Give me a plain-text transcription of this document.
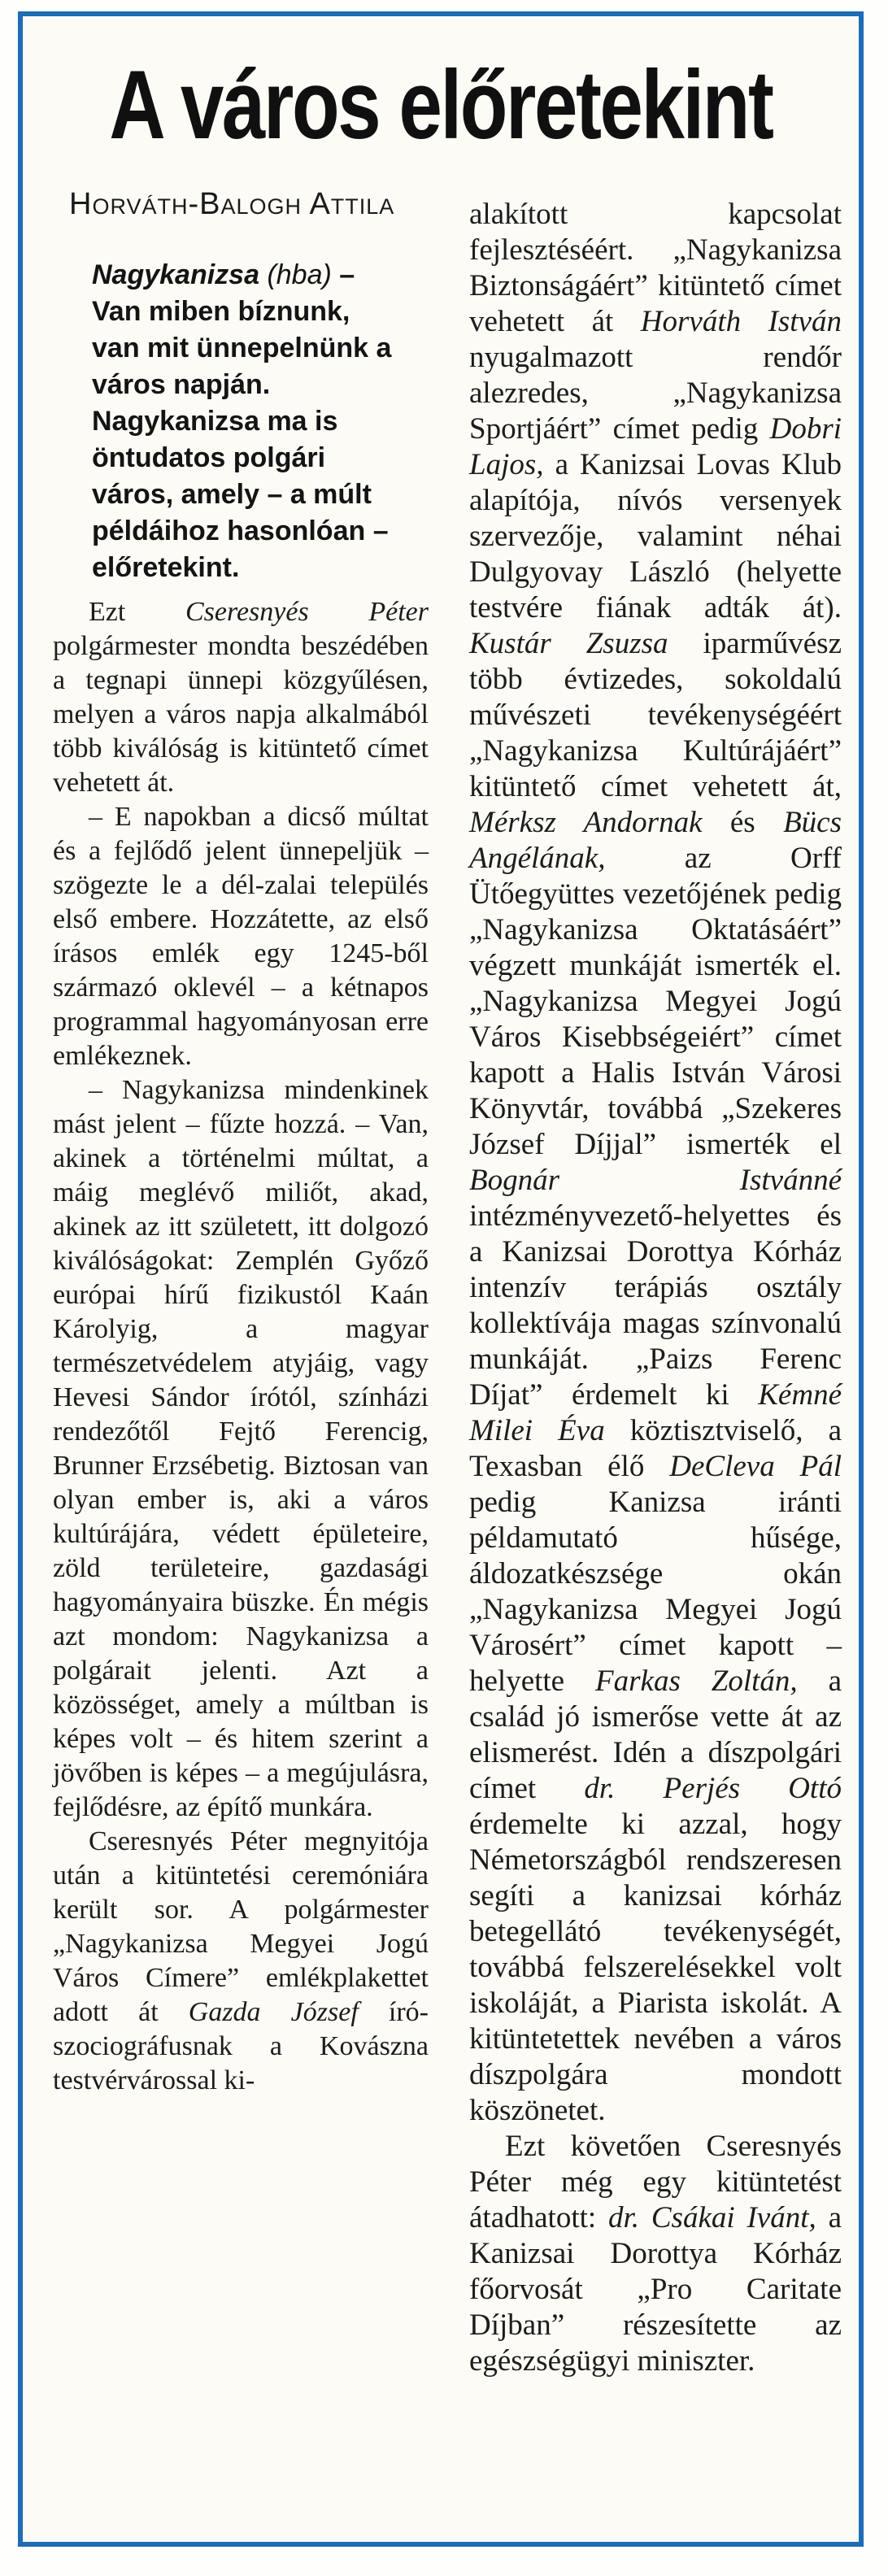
A város előretekint
Horváth-Balogh Attila
Nagykanizsa (hba) – Van miben bíznunk, van mit ünnepelnünk a város napján. Nagykanizsa ma is öntudatos polgári város, amely – a múlt példáihoz hasonlóan – előretekint.

Ezt Cseresnyés Péter polgármester mondta beszédében a tegnapi ünnepi közgyűlésen, melyen a város napja alkalmából több kiválóság is kitüntető címet vehetett át.

– E napokban a dicső múltat és a fejlődő jelent ünnepeljük – szögezte le a dél-zalai település első embere. Hozzátette, az első írásos emlék egy 1245-ből származó oklevél – a kétnapos programmal hagyományosan erre emlékeznek.

– Nagykanizsa mindenkinek mást jelent – fűzte hozzá. – Van, akinek a történelmi múltat, a máig meglévő miliőt, akad, akinek az itt született, itt dolgozó kiválóságokat: Zemplén Győző európai hírű fizikustól Kaán Károlyig, a magyar természetvédelem atyjáig, vagy Hevesi Sándor írótól, színházi rendezőtől Fejtő Ferencig, Brunner Erzsébetig. Biztosan van olyan ember is, aki a város kultúrájára, védett épületeire, zöld területeire, gazdasági hagyományaira büszke. Én mégis azt mondom: Nagykanizsa a polgárait jelenti. Azt a közösséget, amely a múltban is képes volt – és hitem szerint a jövőben is képes – a megújulásra, fejlődésre, az építő munkára.

Cseresnyés Péter megnyitója után a kitüntetési ceremóniára került sor. A polgármester „Nagykanizsa Megyei Jogú Város Címere” emlékplakettet adott át Gazda József író-szociográfusnak a Kovászna testvérvárossal ki-

alakított kapcsolat fejlesztéséért. „Nagykanizsa Biztonságáért” kitüntető címet vehetett át Horváth István nyugalmazott rendőr alezredes, „Nagykanizsa Sportjáért” címet pedig Dobri Lajos, a Kanizsai Lovas Klub alapítója, nívós versenyek szervezője, valamint néhai Dulgyovay László (helyette testvére fiának adták át). Kustár Zsuzsa iparművész több évtizedes, sokoldalú művészeti tevékenységéért „Nagykanizsa Kultúrájáért” kitüntető címet vehetett át, Mérksz Andornak és Bücs Angélának, az Orff Ütőegyüttes vezetőjének pedig „Nagykanizsa Oktatásáért” végzett munkáját ismerték el. „Nagykanizsa Megyei Jogú Város Kisebbségeiért” címet kapott a Halis István Városi Könyvtár, továbbá „Szekeres József Díjjal” ismerték el Bognár Istvánné intézményvezető-helyettes és a Kanizsai Dorottya Kórház intenzív terápiás osztály kollektívája magas színvonalú munkáját. „Paizs Ferenc Díjat” érdemelt ki Kémné Milei Éva köztisztviselő, a Texasban élő DeCleva Pál pedig Kanizsa iránti példamutató hűsége, áldozatkészsége okán „Nagykanizsa Megyei Jogú Városért” címet kapott – helyette Farkas Zoltán, a család jó ismerőse vette át az elismerést. Idén a díszpolgári címet dr. Perjés Ottó érdemelte ki azzal, hogy Németországból rendszeresen segíti a kanizsai kórház betegellátó tevékenységét, továbbá felszerelésekkel volt iskoláját, a Piarista iskolát. A kitüntetettek nevében a város díszpolgára mondott köszönetet.

Ezt követően Cseresnyés Péter még egy kitüntetést átadhatott: dr. Csákai Ivánt, a Kanizsai Dorottya Kórház főorvosát „Pro Caritate Díjban” részesítette az egészségügyi miniszter.
